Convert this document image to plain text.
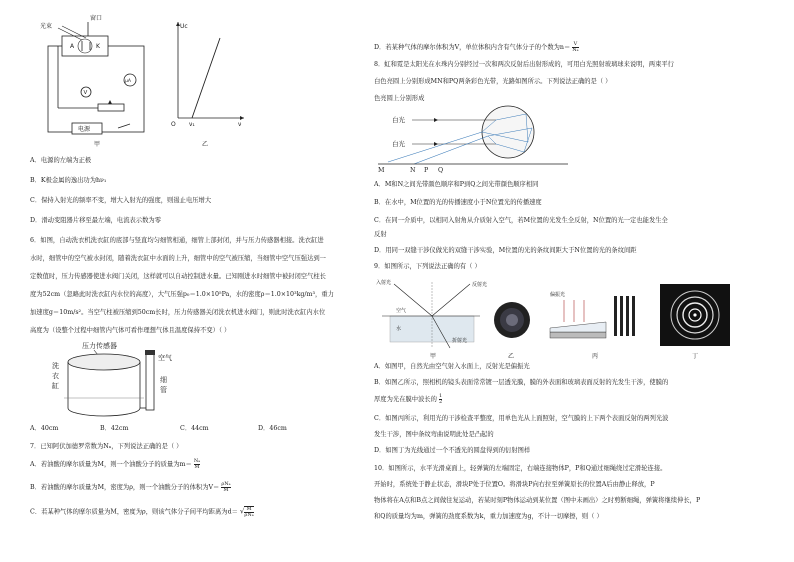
A	K
窗口
光束
μA
V
电源
甲
Uᴄ
ν
O ν₁
乙
A．电源的左端为正极
B．K极金属的逸出功为hν₁
C．保持入射光的频率不变，增大入射光的强度，则遏止电压增大
D．滑动变阻器片移至最左端，电流表示数为零
6．如图，自动洗衣机洗衣缸的底部与竖直均匀细管相通，细管上部封闭，并与压力传感器相接。洗衣缸进
水时，细管中的空气被水封闭，随着洗衣缸中水面的上升，细管中的空气被压缩，当细管中空气压强达到一
定数值时，压力传感器使进水阀门关闭，这样就可以自动控制进水量。已知刚进水时细管中被封闭空气柱长
度为52cm（忽略此时洗衣缸内水位的高度），大气压强p₀＝1.0×10⁵Pa，水的密度ρ＝1.0×10³kg/m³，重力
加速度g＝10m/s²。当空气柱被压缩到50cm长时，压力传感器关闭洗衣机进水阀门，则此时洗衣缸内水位
高度为（设整个过程中细管内气体可看作理想气体且温度保持不变）（ ）
压力传感器
洗
衣
缸
空气
细
管
A．40cm	B．42cm	C．44cm	D．46cm
7．已知阿伏加德罗常数为Nₐ，下列说法正确的是（ ）
A．若油酸的摩尔质量为M，则一个油酸分子的质量为$m= \frac{\text{Nₐ}}{M}$
B．若油酸的摩尔质量为M，密度为ρ，则一个油酸分子的体积为$V= \frac{\text{ρNₐ}}{M}$
C．若某种气体的摩尔质量为M，密度为ρ，则该气体分子间平均距离为d＝ √ $\frac{M}{\text{ρNₐ}}$
D．若某种气体的摩尔体积为V，单位体积内含有气体分子的个数为$n= \frac{V}{\text{Nₐ}}$
8．虹和霓是太阳光在水珠内分别经过一次和两次反射后出射形成的，可用白光照射玻璃球来说明，两束平行
白色亮圆上分别形成MN和PQ两条彩色光带，光路如图所示。下列说法正确的是（ ）
色亮圆上分别形成
白光
白光
M	N P Q
A．M和N之间光带颜色顺序和P到Q之间光带颜色顺序相同
B．在水中，M位置的光的传播速度小于N位置光的传播速度
C．在同一介质中，以相同入射角从介质射入空气，若M位置的光发生全反射，N位置的光一定也能发生全
反射
D．用同一双缝干涉仪做光的双缝干涉实验，M位置的光的条纹间距大于N位置的光的条纹间距
9．如图所示，下列说法正确的有（ ）
入射光	反射光
空气
水
折射光
甲	乙
偏振光
丙	丁
A．如图甲，自然光由空气射入水面上，反射光是偏振光
B．如图乙所示，照相机的镜头表面常常镀一层透光膜，膜的外表面和玻璃表面反射的光发生干涉，使膜的
厚度为光在膜中波长的 $\frac{1}{2}$
C．如图丙所示，利用光的干涉检查平整度，用单色光从上面照射，空气膜的上下两个表面反射的两列光波
发生干涉，图中条纹弯曲说明此处是凸起的
D．如图丁为光线通过一个不透光的圆盘得到的衍射图样
10．如图所示，水平光滑桌面上，轻弹簧的左端固定，右端连接物体P，P和Q通过细绳绕过定滑轮连接。
开始时，系统处于静止状态，滑块P处于位置O。将滑块P向右拉至弹簧原长的位置A后由静止释放，P
物体将在A点和B点之间做往复运动，若某时刻P物体运动到某位置（图中未画出）之时剪断细绳，弹簧将继续伸长，P
和Q的质量均为m，弹簧的劲度系数为k，重力加速度为g，不计一切摩擦，则（ ）
